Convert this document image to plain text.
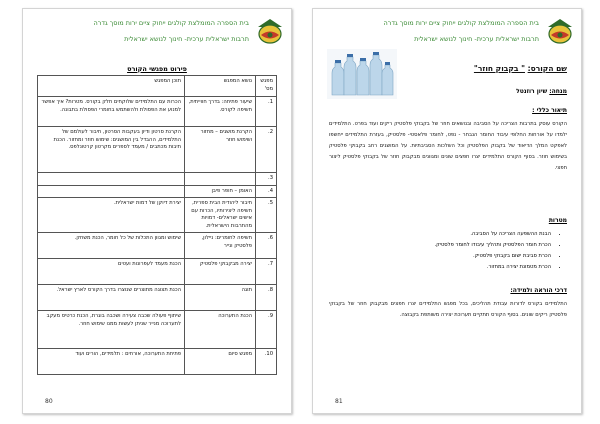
בית הספרה המומלצת קולגים ייחוק ציים ירות מוסך גדרה
תרבות ישראלית ערכית- חינוך לנושא ישראלית
פירוט מפגשי הקורס
מפגש מס'	נושא המפגש	תוכן המפגש
1.	שיעור פתיחה: בדרך חווייתית, חשיפה לקורס.	הכרות עם התלמידים שלוקחים חלק בקורס. מטרות? איך אפשר למנוע את הפסולת ולהשתמש בחומרי הפסולת בתבונה.
2.	הקרנת מושגים – מחזור ושימוש חוזר	הקרנת סרטון ודיון בעקבות הסרטון, חיבור לעולמם של התלמידים, ההבדל בין המושגים: שימוש חוזר ומחזור. הכנת תיבות מכתבים / מעמד לספרים מקרטון קרטונלפס.
3.		
4.	האומן – חופר פיבן	
5.	חיבור ליהודית הבית ספרית, חשיפה ליצירותיו, הכרות עם אישים ישראלים- דמויות מהתרבות הישראלית.	יצירת דיוקן של דמות ישראלית.
6.	חשיפה לחומרים: ניילון, פלסטיק ונייר	שימוש ומגוון התכלות של כל חומר, הכנת משחק.
7.	יצירה מבקבוקי פלסטיק	הכנת מעמד לעפרונות ועטים
8.	תוגה	הכנת תצוגה מתוצרים שנוצרו בדרך הקורס לארץ ישראל.
9.	הכנת התערוכה	שיתוף פעולה שכבה צעירה ושכבה בוגרת, הכנת כרטיס מעקב לתערוכה מנייר שניתן לעשות ממנו שימוש חוזר.
10.	מפגש סיום	פתיחת התערוכה, אורחים : תלמידים, הורים ועוד
80
בית הספרה המומלצת קולגים ייחוק ציים ירות מוסך גדרה
תרבות ישראלית ערכית- חינוך לנושא ישראלית
שם הקורס: " בקבוק חוזר"
מנחה: שיון רוזנטל
תיאור כללי :
הקורס עוסק בתרבות הצריכה על הסביבה ובנושאים חוזר של בקבוקי פלסטיק ריקים ועוד בפרט. התלמידים ילמדו על אורחות החלופי עיבוד החומר הנבחר - נפט, לחומר פלאסטי- פלסטיק, בעזרת התלמידים ייחשפו לאפקט המלך הדיאוד של בקבוק הפלסטיק וכל השלכות הסביבתיות. על המושגים רחב בקבוקי פלסטיק בשימוש חוזר. בסוף הקורס התלמידים יצרו חפצים שונים ומגוונים מבקבוק חוזר של בקבוקי פלסטיק ליצור חפצי.
מטרות
• הבנת ההשפעה הצריכה על הסביבה.
• הכרת חומר הפלסטיק ותהליך עיבודו לחומר פלסטיק.
• הכרת סביבת ישום בקבוקי פלסטיק.
• הכרת מטמונת יצירה במחזור.
דרכי הוראה ולמידה:
התלמידים בקורס לדורות עבודת תהליכים, בכל מפגש התלמידים יצרו חפצים מבקבוק חוזר של בקבוקי פלסטיק ריקים שונים. בסוף הקורס תתקיים תערוכת יצירה משותפת בקבוצה.
81
